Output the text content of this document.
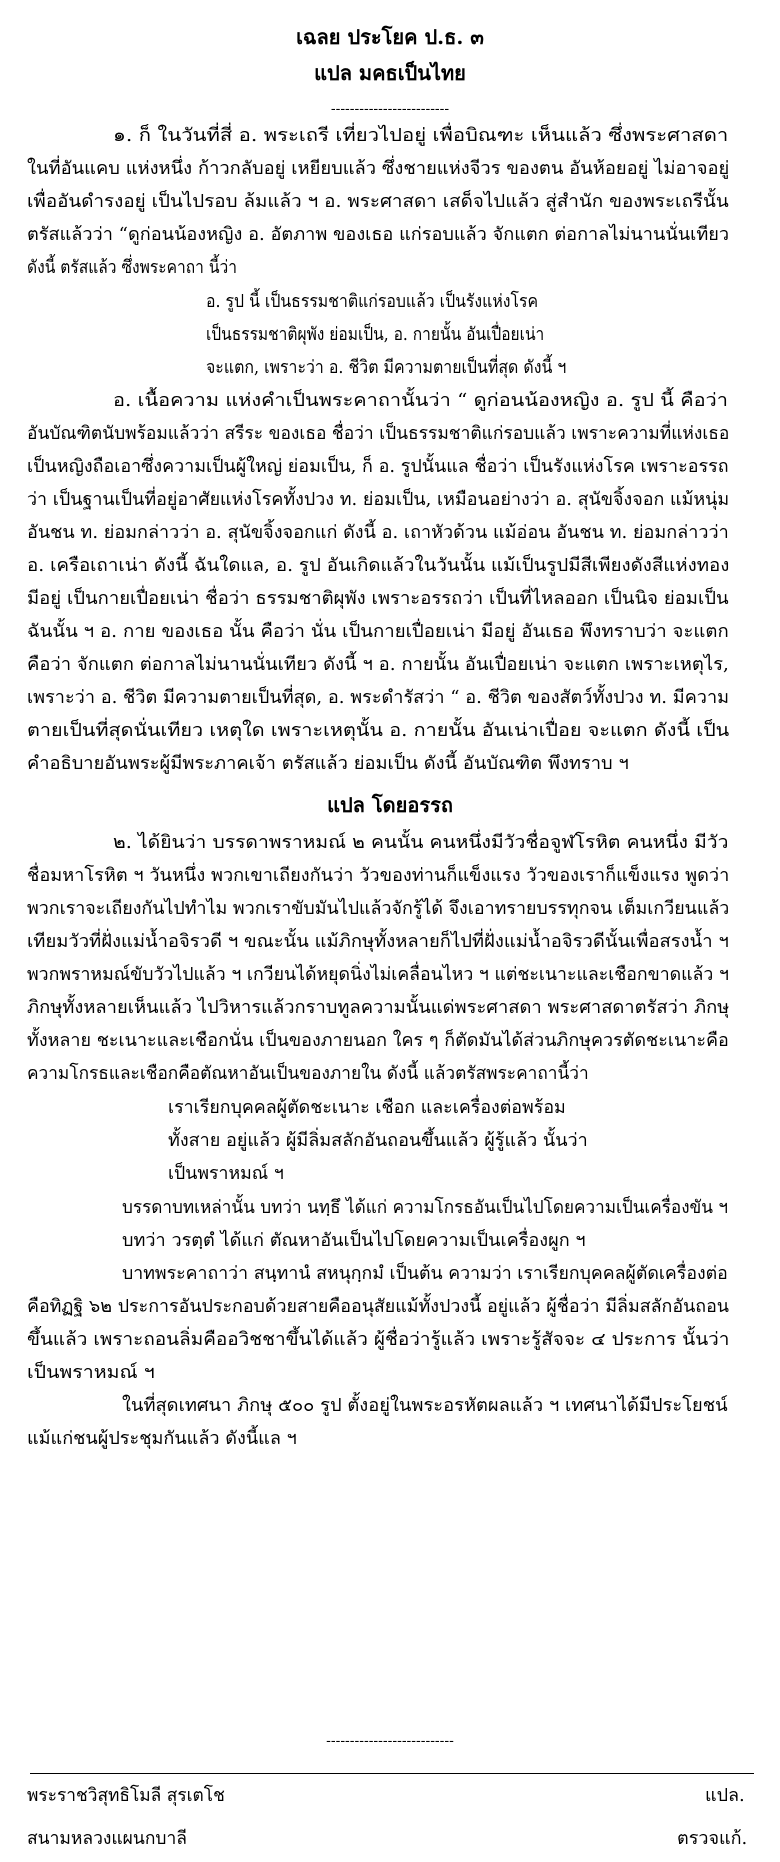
เฉลย ประโยค ป.ธ. ๓
แปล มคธเป็นไทย
-------------------------
๑. ก็ ในวันที่สี่ อ. พระเถรี เที่ยวไปอยู่ เพื่อบิณฑะ เห็นแล้ว ซึ่งพระศาสดา
ในที่อันแคบ แห่งหนึ่ง ก้าวกลับอยู่ เหยียบแล้ว ซึ่งชายแห่งจีวร ของตน อันห้อยอยู่ ไม่อาจอยู่
เพื่ออันดำรงอยู่ เป็นไปรอบ ล้มแล้ว ฯ อ. พระศาสดา เสด็จไปแล้ว สู่สำนัก ของพระเถรีนั้น
ตรัสแล้วว่า “ดูก่อนน้องหญิง อ. อัตภาพ ของเธอ แก่รอบแล้ว จักแตก ต่อกาลไม่นานนั่นเทียว
ดังนี้ ตรัสแล้ว ซึ่งพระคาถา นี้ว่า
อ. รูป นี้ เป็นธรรมชาติแก่รอบแล้ว เป็นรังแห่งโรค
เป็นธรรมชาติผุพัง ย่อมเป็น, อ. กายนั้น อันเปื่อยเน่า
จะแตก, เพราะว่า อ. ชีวิต มีความตายเป็นที่สุด ดังนี้ ฯ
อ. เนื้อความ แห่งคำเป็นพระคาถานั้นว่า “ ดูก่อนน้องหญิง อ. รูป นี้ คือว่า
อันบัณฑิตนับพร้อมแล้วว่า สรีระ ของเธอ ชื่อว่า เป็นธรรมชาติแก่รอบแล้ว เพราะความที่แห่งเธอ
เป็นหญิงถือเอาซึ่งความเป็นผู้ใหญ่ ย่อมเป็น, ก็ อ. รูปนั้นแล ชื่อว่า เป็นรังแห่งโรค เพราะอรรถ
ว่า เป็นฐานเป็นที่อยู่อาศัยแห่งโรคทั้งปวง ท. ย่อมเป็น, เหมือนอย่างว่า อ. สุนัขจิ้งจอก แม้หนุ่ม
อันชน ท. ย่อมกล่าวว่า อ. สุนัขจิ้งจอกแก่ ดังนี้ อ. เถาหัวด้วน แม้อ่อน อันชน ท. ย่อมกล่าวว่า
อ. เครือเถาเน่า ดังนี้ ฉันใดแล, อ. รูป อันเกิดแล้วในวันนั้น แม้เป็นรูปมีสีเพียงดังสีแห่งทอง
มีอยู่ เป็นกายเปื่อยเน่า ชื่อว่า ธรรมชาติผุพัง เพราะอรรถว่า เป็นที่ไหลออก เป็นนิจ ย่อมเป็น
ฉันนั้น ฯ อ. กาย ของเธอ นั้น คือว่า นั่น เป็นกายเปื่อยเน่า มีอยู่ อันเธอ พึงทราบว่า จะแตก
คือว่า จักแตก ต่อกาลไม่นานนั่นเทียว ดังนี้ ฯ อ. กายนั้น อันเปื่อยเน่า จะแตก เพราะเหตุไร,
เพราะว่า อ. ชีวิต มีความตายเป็นที่สุด, อ. พระดำรัสว่า “ อ. ชีวิต ของสัตว์ทั้งปวง ท. มีความ
ตายเป็นที่สุดนั่นเทียว เหตุใด เพราะเหตุนั้น อ. กายนั้น อันเน่าเปื่อย จะแตก ดังนี้ เป็น
คำอธิบายอันพระผู้มีพระภาคเจ้า ตรัสแล้ว ย่อมเป็น ดังนี้ อันบัณฑิต พึงทราบ ฯ
แปล โดยอรรถ
๒. ได้ยินว่า บรรดาพราหมณ์ ๒ คนนั้น คนหนึ่งมีวัวชื่อจูฬโรหิต คนหนึ่ง มีวัว
ชื่อมหาโรหิต ฯ วันหนึ่ง พวกเขาเถียงกันว่า วัวของท่านก็แข็งแรง วัวของเราก็แข็งแรง พูดว่า
พวกเราจะเถียงกันไปทำไม พวกเราขับมันไปแล้วจักรู้ได้ จึงเอาทรายบรรทุกจน เต็มเกวียนแล้ว
เทียมวัวที่ฝั่งแม่น้ำอจิรวดี ฯ ขณะนั้น แม้ภิกษุทั้งหลายก็ไปที่ฝั่งแม่น้ำอจิรวดีนั้นเพื่อสรงน้ำ ฯ
พวกพราหมณ์ขับวัวไปแล้ว ฯ เกวียนได้หยุดนิ่งไม่เคลื่อนไหว ฯ แต่ชะเนาะและเชือกขาดแล้ว ฯ
ภิกษุทั้งหลายเห็นแล้ว ไปวิหารแล้วกราบทูลความนั้นแด่พระศาสดา พระศาสดาตรัสว่า ภิกษุ
ทั้งหลาย ชะเนาะและเชือกนั่น เป็นของภายนอก ใคร ๆ ก็ตัดมันได้ส่วนภิกษุควรตัดชะเนาะคือ
ความโกรธและเชือกคือตัณหาอันเป็นของภายใน ดังนี้ แล้วตรัสพระคาถานี้ว่า
เราเรียกบุคคลผู้ตัดชะเนาะ เชือก และเครื่องต่อพร้อม
ทั้งสาย อยู่แล้ว ผู้มีลิ่มสลักอันถอนขึ้นแล้ว ผู้รู้แล้ว นั้นว่า
เป็นพราหมณ์ ฯ
บรรดาบทเหล่านั้น บทว่า นทฺธึ ได้แก่ ความโกรธอันเป็นไปโดยความเป็นเครื่องขัน ฯ
บทว่า วรตฺตํ ได้แก่ ตัณหาอันเป็นไปโดยความเป็นเครื่องผูก ฯ
บาทพระคาถาว่า สนฺทานํ สหนุกฺกมํ เป็นต้น ความว่า เราเรียกบุคคลผู้ตัดเครื่องต่อ
คือทิฏฐิ ๖๒ ประการอันประกอบด้วยสายคืออนุสัยแม้ทั้งปวงนี้ อยู่แล้ว ผู้ชื่อว่า มีลิ่มสลักอันถอน
ขึ้นแล้ว เพราะถอนลิ่มคืออวิชชาขึ้นได้แล้ว ผู้ชื่อว่ารู้แล้ว เพราะรู้สัจจะ ๔ ประการ นั้นว่า
เป็นพราหมณ์ ฯ
ในที่สุดเทศนา ภิกษุ ๕๐๐ รูป ตั้งอยู่ในพระอรหัตผลแล้ว ฯ เทศนาได้มีประโยชน์
แม้แก่ชนผู้ประชุมกันแล้ว ดังนี้แล ฯ
---------------------------
พระราชวิสุทธิโมลี สุรเตโช	แปล.
สนามหลวงแผนกบาลี	ตรวจแก้.
